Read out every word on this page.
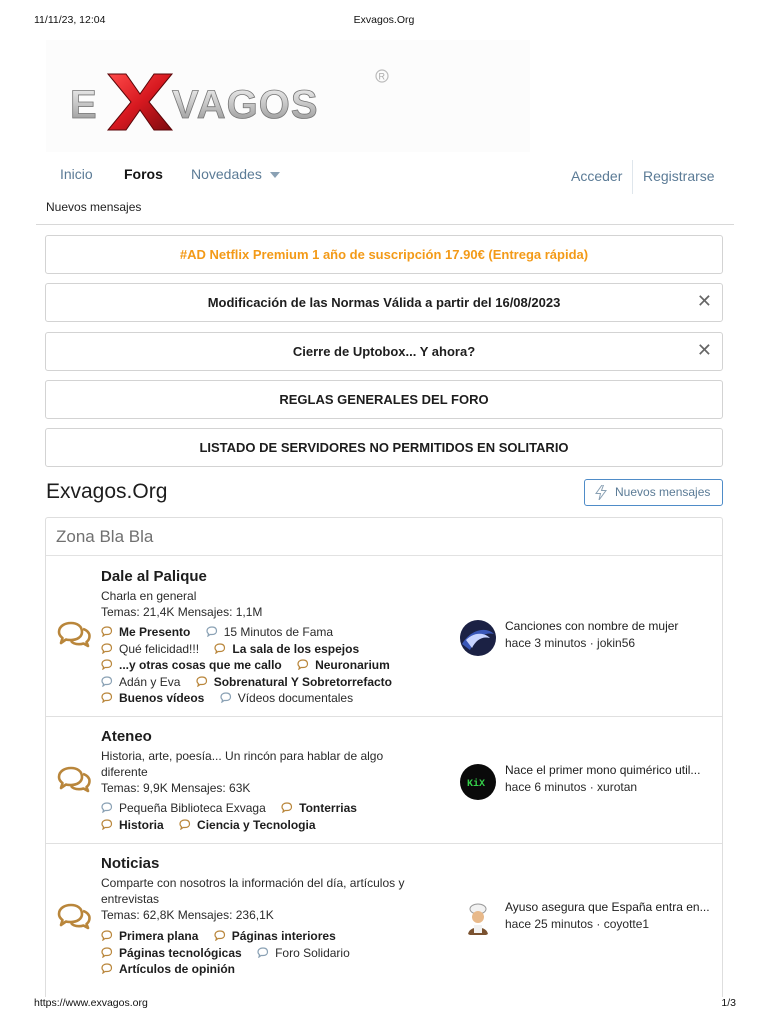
11/11/23, 12:04	Exvagos.Org
E VAGOS
R
Inicio Foros Novedades	Acceder Registrarse
Nuevos mensajes
#AD Netflix Premium 1 año de suscripción 17.90€ (Entrega rápida)
Modificación de las Normas Válida a partir del 16/08/2023	✕
Cierre de Uptobox... Y ahora?	✕
REGLAS GENERALES DEL FORO
LISTADO DE SERVIDORES NO PERMITIDOS EN SOLITARIO
Exvagos.Org	Nuevos mensajes
Zona Bla Bla
Dale al Palique
Charla en general
Temas: 21,4K Mensajes: 1,1M
Me Presento	15 Minutos de Fama
Qué felicidad!!!	La sala de los espejos
...y otras cosas que me callo	Neuronarium
Adán y Eva	Sobrenatural Y Sobretorrefacto
Buenos vídeos	Vídeos documentales
Canciones con nombre de mujer
hace 3 minutos · jokin56
Ateneo
Historia, arte, poesía... Un rincón para hablar de algo diferente
Temas: 9,9K Mensajes: 63K
Pequeña Biblioteca Exvaga	Tonterrias
Historia	Ciencia y Tecnologia
KiX
Nace el primer mono quimérico util...
hace 6 minutos · xurotan
Noticias
Comparte con nosotros la información del día, artículos y entrevistas
Temas: 62,8K Mensajes: 236,1K
Primera plana	Páginas interiores
Páginas tecnológicas	Foro Solidario
Artículos de opinión
Ayuso asegura que España entra en...
hace 25 minutos · coyotte1
https://www.exvagos.org	1/3
